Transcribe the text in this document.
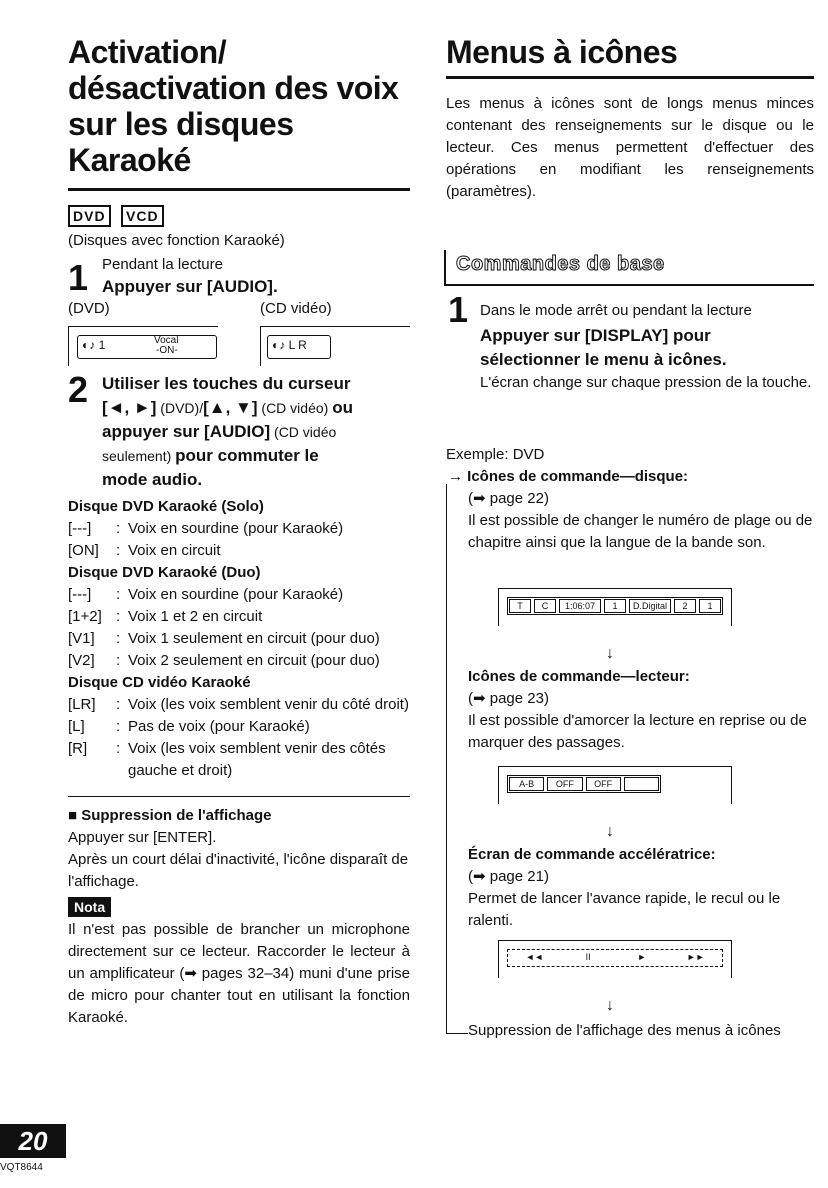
Activation/
désactivation des voix
sur les disques
Karaoké
DVD VCD
(Disques avec fonction Karaoké)
1 Pendant la lecture
Appuyer sur [AUDIO].
(DVD)	(CD vidéo)
◐♪ 1	Vocal
-ON-	◐♪ L R
2 Utiliser les touches du curseur
[◄, ►] (DVD)/[▲, ▼] (CD vidéo) ou
appuyer sur [AUDIO] (CD vidéo
seulement) pour commuter le
mode audio.
Disque DVD Karaoké (Solo)
[---]	: Voix en sourdine (pour Karaoké)
[ON]	: Voix en circuit
Disque DVD Karaoké (Duo)
[---]	: Voix en sourdine (pour Karaoké)
[1+2] : Voix 1 et 2 en circuit
[V1]	: Voix 1 seulement en circuit (pour duo)
[V2]	: Voix 2 seulement en circuit (pour duo)
Disque CD vidéo Karaoké
[LR]	: Voix (les voix semblent venir du côté droit)
[L]	: Pas de voix (pour Karaoké)
[R]	: Voix (les voix semblent venir des côtés gauche et droit)
■ Suppression de l'affichage
Appuyer sur [ENTER].
Après un court délai d'inactivité, l'icône disparaît de l'affichage.
Nota
Il n'est pas possible de brancher un microphone directement sur ce lecteur. Raccorder le lecteur à un amplificateur (➡ pages 32–34) muni d'une prise de micro pour chanter tout en utilisant la fonction Karaoké.
Menus à icônes
Les menus à icônes sont de longs menus minces contenant des renseignements sur le disque ou le lecteur. Ces menus permettent d'effectuer des opérations en modifiant les renseignements (paramètres).
Commandes de base
1 Dans le mode arrêt ou pendant la lecture
Appuyer sur [DISPLAY] pour sélectionner le menu à icônes.
L'écran change sur chaque pression de la touche.
Exemple: DVD
→ Icônes de commande—disque:
(➡ page 22)
Il est possible de changer le numéro de plage ou de chapitre ainsi que la langue de la bande son.
T	C	1:06:07	1	D.Digital	2	1
↓
Icônes de commande—lecteur:
(➡ page 23)
Il est possible d'amorcer la lecture en reprise ou de marquer des passages.
A-B	OFF	OFF
↓
Écran de commande accélératrice:
(➡ page 21)
Permet de lancer l'avance rapide, le recul ou le ralenti.
◄◄	II	►	►►
↓
Suppression de l'affichage des menus à icônes
20
VQT8644
